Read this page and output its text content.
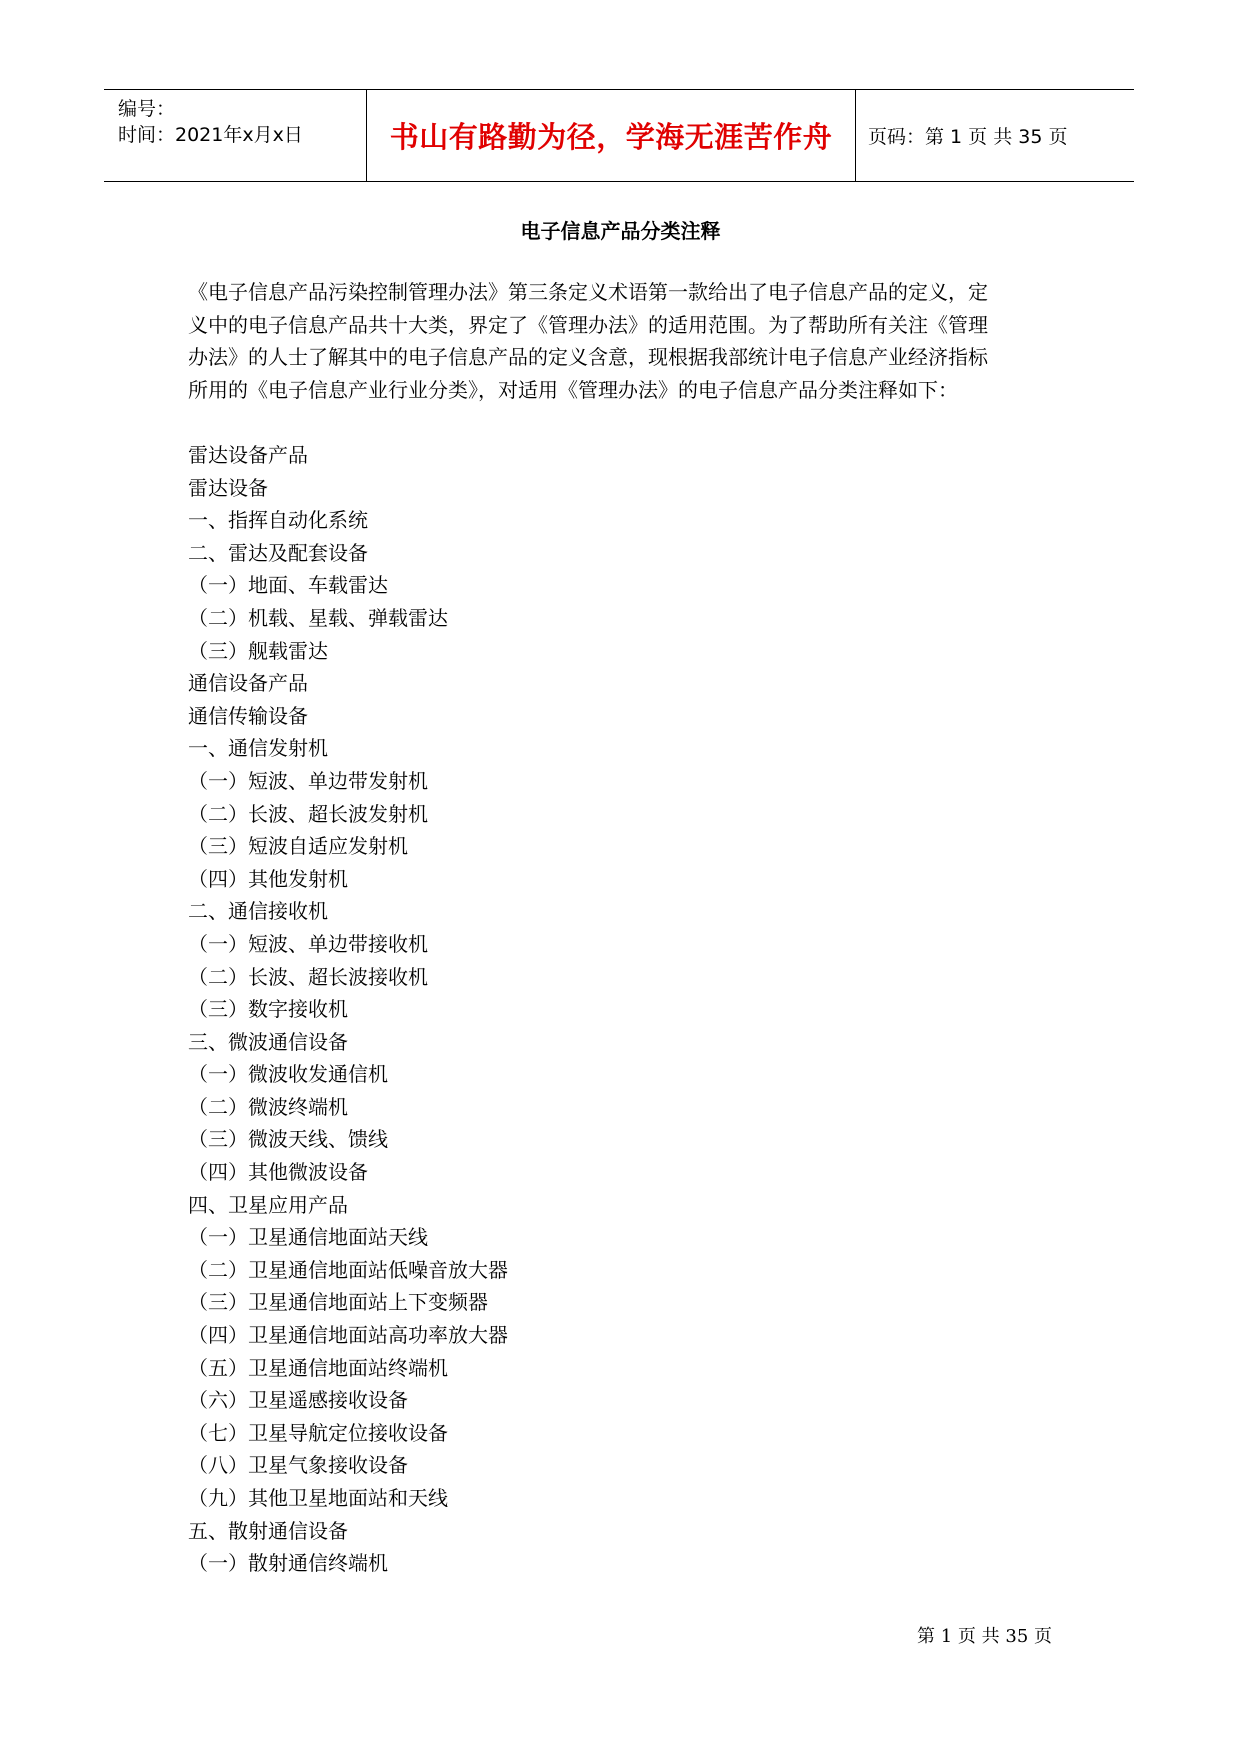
编号：
时间：2021年x月x日	书山有路勤为径，学海无涯苦作舟 页码：第 1 页 共 35 页
电子信息产品分类注释
《电子信息产品污染控制管理办法》第三条定义术语第一款给出了电子信息产品的定义，定
义中的电子信息产品共十大类，界定了《管理办法》的适用范围。为了帮助所有关注《管理
办法》的人士了解其中的电子信息产品的定义含意，现根据我部统计电子信息产业经济指标
所用的《电子信息产业行业分类》，对适用《管理办法》的电子信息产品分类注释如下：
雷达设备产品
雷达设备
一、指挥自动化系统
二、雷达及配套设备
（一）地面、车载雷达
（二）机载、星载、弹载雷达
（三）舰载雷达
通信设备产品
通信传输设备
一、通信发射机
（一）短波、单边带发射机
（二）长波、超长波发射机
（三）短波自适应发射机
（四）其他发射机
二、通信接收机
（一）短波、单边带接收机
（二）长波、超长波接收机
（三）数字接收机
三、微波通信设备
（一）微波收发通信机
（二）微波终端机
（三）微波天线、馈线
（四）其他微波设备
四、卫星应用产品
（一）卫星通信地面站天线
（二）卫星通信地面站低噪音放大器
（三）卫星通信地面站上下变频器
（四）卫星通信地面站高功率放大器
（五）卫星通信地面站终端机
（六）卫星遥感接收设备
（七）卫星导航定位接收设备
（八）卫星气象接收设备
（九）其他卫星地面站和天线
五、散射通信设备
（一）散射通信终端机
第 1 页 共 35 页
